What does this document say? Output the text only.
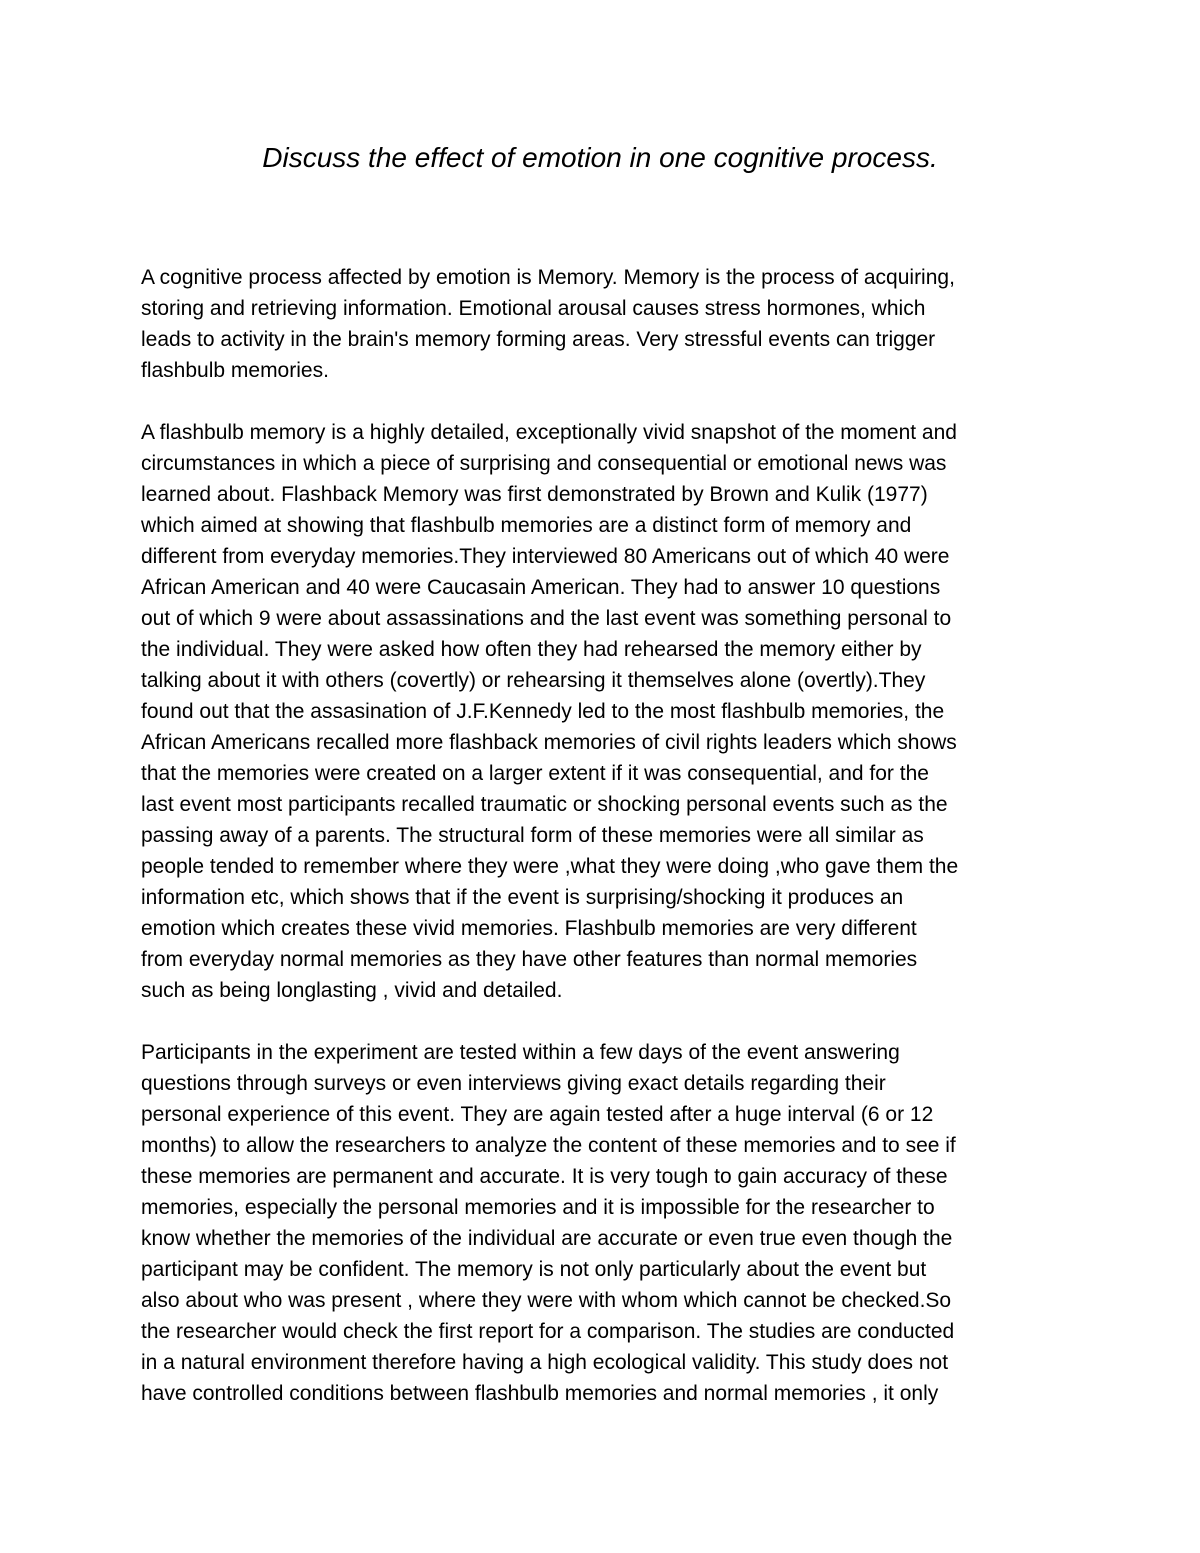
Discuss the effect of emotion in one cognitive process.

A cognitive process affected by emotion is Memory. Memory is the process of acquiring,
storing and retrieving information. Emotional arousal causes stress hormones, which
leads to activity in the brain's memory forming areas. Very stressful events can trigger
flashbulb memories.

A flashbulb memory is a highly detailed, exceptionally vivid snapshot of the moment and
circumstances in which a piece of surprising and consequential or emotional news was
learned about. Flashback Memory was first demonstrated by Brown and Kulik (1977)
which aimed at showing that flashbulb memories are a distinct form of memory and
different from everyday memories.They interviewed 80 Americans out of which 40 were
African American and 40 were Caucasain American. They had to answer 10 questions
out of which 9 were about assassinations and the last event was something personal to
the individual. They were asked how often they had rehearsed the memory either by
talking about it with others (covertly) or rehearsing it themselves alone (overtly).They
found out that the assasination of J.F.Kennedy led to the most flashbulb memories, the
African Americans recalled more flashback memories of civil rights leaders which shows
that the memories were created on a larger extent if it was consequential, and for the
last event most participants recalled traumatic or shocking personal events such as the
passing away of a parents. The structural form of these memories were all similar as
people tended to remember where they were ,what they were doing ,who gave them the
information etc, which shows that if the event is surprising/shocking it produces an
emotion which creates these vivid memories. Flashbulb memories are very different
from everyday normal memories as they have other features than normal memories
such as being longlasting , vivid and detailed.

Participants in the experiment are tested within a few days of the event answering
questions through surveys or even interviews giving exact details regarding their
personal experience of this event. They are again tested after a huge interval (6 or 12
months) to allow the researchers to analyze the content of these memories and to see if
these memories are permanent and accurate. It is very tough to gain accuracy of these
memories, especially the personal memories and it is impossible for the researcher to
know whether the memories of the individual are accurate or even true even though the
participant may be confident. The memory is not only particularly about the event but
also about who was present , where they were with whom which cannot be checked.So
the researcher would check the first report for a comparison. The studies are conducted
in a natural environment therefore having a high ecological validity. This study does not
have controlled conditions between flashbulb memories and normal memories , it only
